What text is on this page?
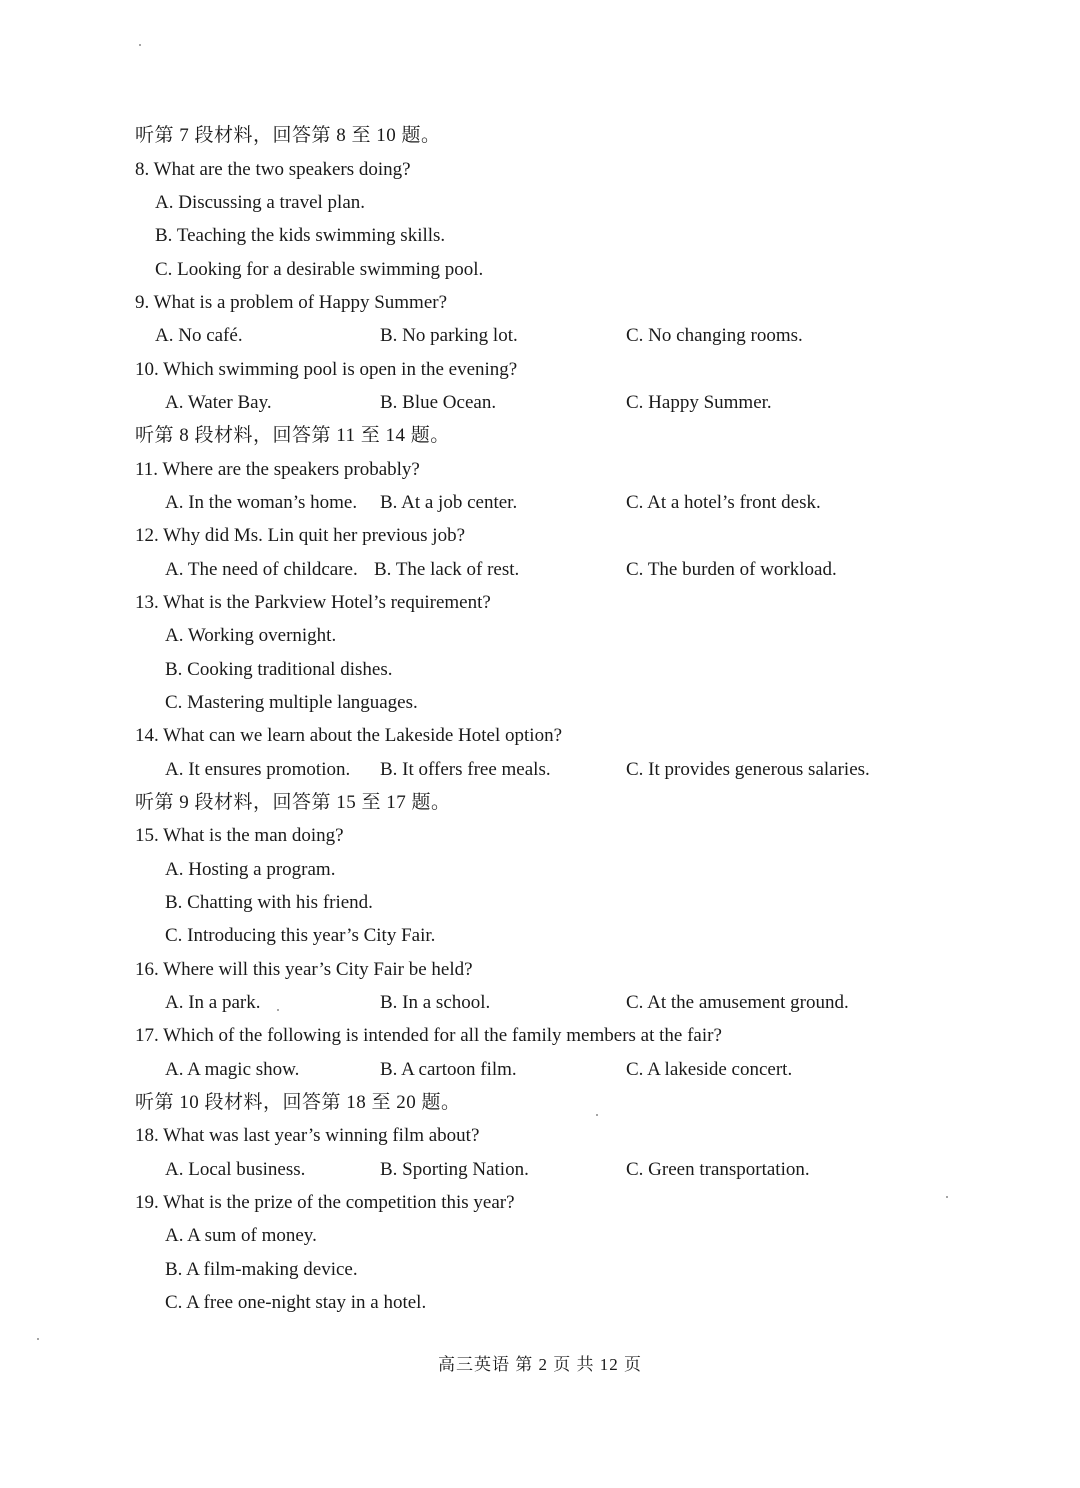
听第 7 段材料，回答第 8 至 10 题。
8. What are the two speakers doing?
A. Discussing a travel plan.
B. Teaching the kids swimming skills.
C. Looking for a desirable swimming pool.
9. What is a problem of Happy Summer?
A. No café.	B. No parking lot.	C. No changing rooms.
10. Which swimming pool is open in the evening?
A. Water Bay.	B. Blue Ocean.	C. Happy Summer.
听第 8 段材料，回答第 11 至 14 题。
11. Where are the speakers probably?
A. In the woman’s home. B. At a job center.	C. At a hotel’s front desk.
12. Why did Ms. Lin quit her previous job?
A. The need of childcare. B. The lack of rest.	C. The burden of workload.
13. What is the Parkview Hotel’s requirement?
A. Working overnight.
B. Cooking traditional dishes.
C. Mastering multiple languages.
14. What can we learn about the Lakeside Hotel option?
A. It ensures promotion. B. It offers free meals.	C. It provides generous salaries.
听第 9 段材料，回答第 15 至 17 题。
15. What is the man doing?
A. Hosting a program.
B. Chatting with his friend.
C. Introducing this year’s City Fair.
16. Where will this year’s City Fair be held?
A. In a park.	B. In a school.	C. At the amusement ground.
17. Which of the following is intended for all the family members at the fair?
A. A magic show.	B. A cartoon film.	C. A lakeside concert.
听第 10 段材料，回答第 18 至 20 题。
18. What was last year’s winning film about?
A. Local business.	B. Sporting Nation.	C. Green transportation.
19. What is the prize of the competition this year?
A. A sum of money.
B. A film-making device.
C. A free one-night stay in a hotel.
高三英语 第 2 页 共 12 页
